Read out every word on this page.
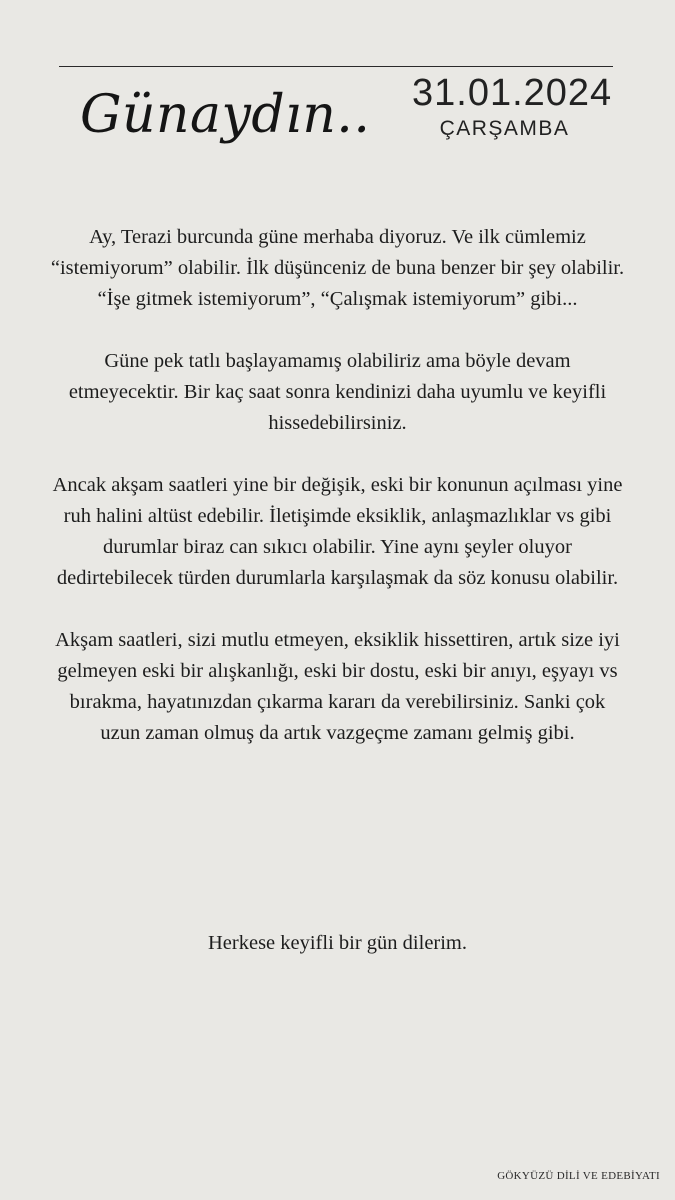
Günaydın.. 31.01.2024
ÇARŞAMBA

Ay, Terazi burcunda güne merhaba diyoruz. Ve ilk cümlemiz “istemiyorum” olabilir. İlk düşünceniz de buna benzer bir şey olabilir. “İşe gitmek istemiyorum”, “Çalışmak istemiyorum” gibi...

Güne pek tatlı başlayamamış olabiliriz ama böyle devam etmeyecektir. Bir kaç saat sonra kendinizi daha uyumlu ve keyifli hissedebilirsiniz.

Ancak akşam saatleri yine bir değişik, eski bir konunun açılması yine ruh halini altüst edebilir. İletişimde eksiklik, anlaşmazlıklar vs gibi durumlar biraz can sıkıcı olabilir. Yine aynı şeyler oluyor dedirtebilecek türden durumlarla karşılaşmak da söz konusu olabilir.

Akşam saatleri, sizi mutlu etmeyen, eksiklik hissettiren, artık size iyi gelmeyen eski bir alışkanlığı, eski bir dostu, eski bir anıyı, eşyayı vs bırakma, hayatınızdan çıkarma kararı da verebilirsiniz. Sanki çok uzun zaman olmuş da artık vazgeçme zamanı gelmiş gibi.

Herkese keyifli bir gün dilerim.
GÖKYÜZÜ DİLİ VE EDEBİYATI
